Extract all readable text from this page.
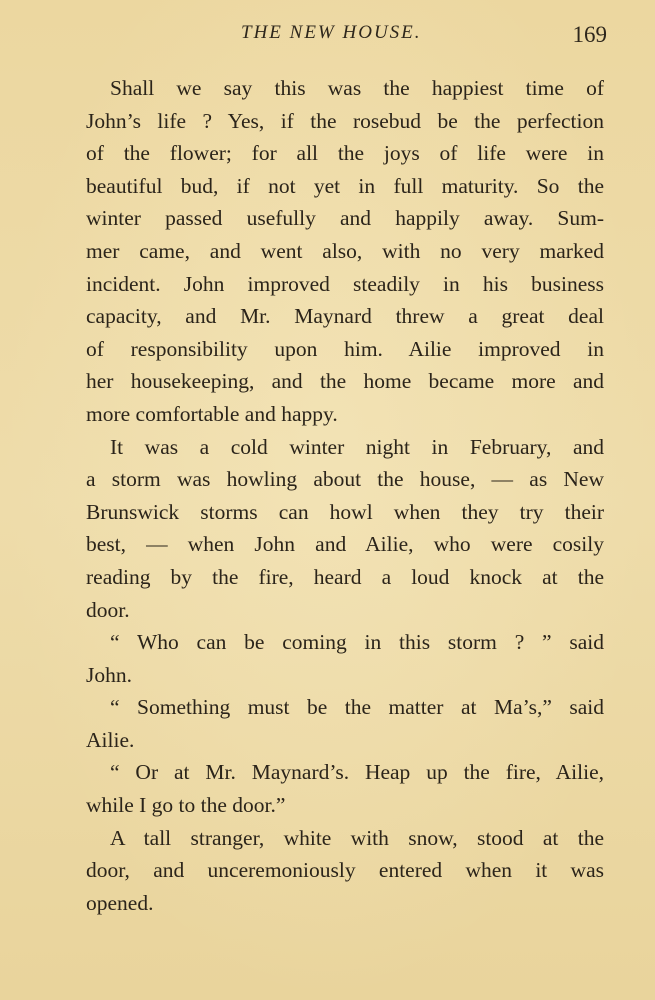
THE NEW HOUSE.	169
Shall we say this was the happiest time of
John’s life ? Yes, if the rosebud be the perfection
of the flower; for all the joys of life were in
beautiful bud, if not yet in full maturity. So the
winter passed usefully and happily away. Sum-
mer came, and went also, with no very marked
incident. John improved steadily in his business
capacity, and Mr. Maynard threw a great deal
of responsibility upon him. Ailie improved in
her housekeeping, and the home became more and
more comfortable and happy.
It was a cold winter night in February, and
a storm was howling about the house, — as New
Brunswick storms can howl when they try their
best, — when John and Ailie, who were cosily
reading by the fire, heard a loud knock at the
door.
“ Who can be coming in this storm ? ” said
John.
“ Something must be the matter at Ma’s,” said
Ailie.
“ Or at Mr. Maynard’s. Heap up the fire, Ailie,
while I go to the door.”
A tall stranger, white with snow, stood at the
door, and unceremoniously entered when it was
opened.
